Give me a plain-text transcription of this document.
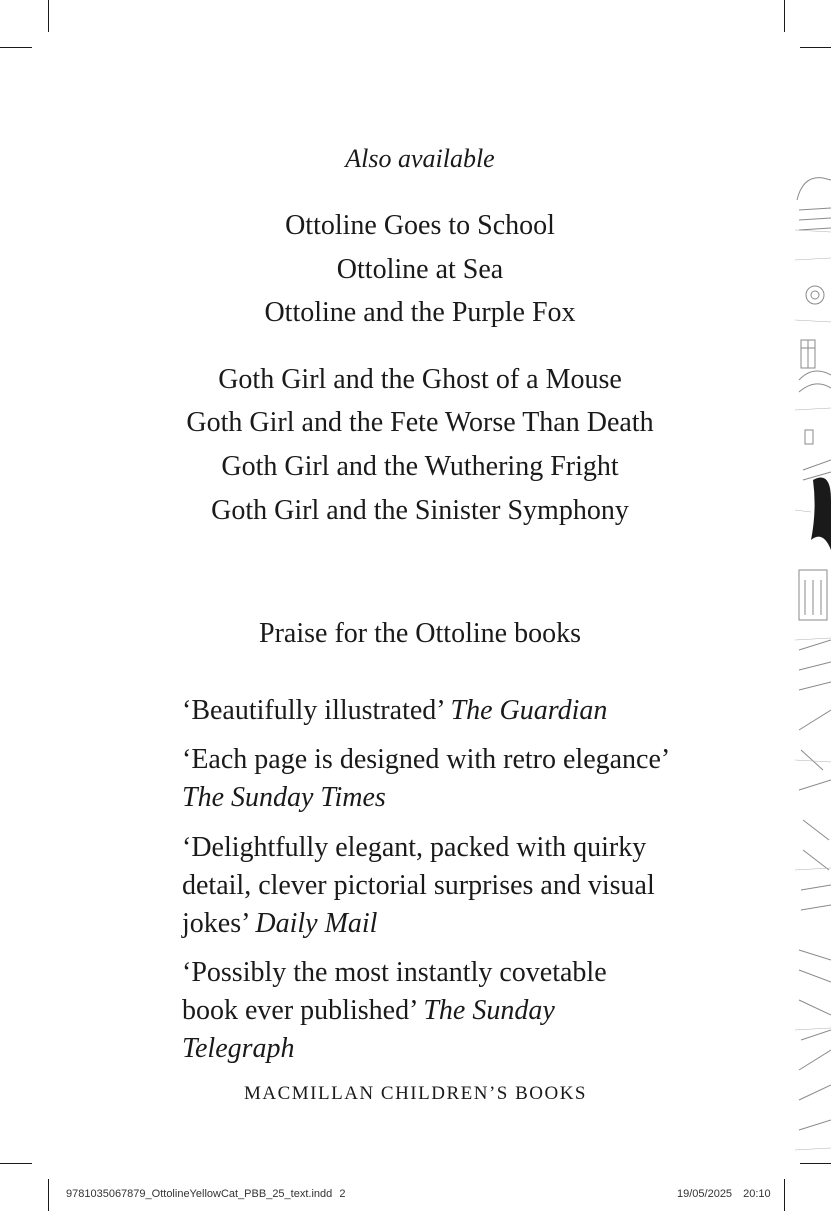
Also available
Ottoline Goes to School
Ottoline at Sea
Ottoline and the Purple Fox
Goth Girl and the Ghost of a Mouse
Goth Girl and the Fete Worse Than Death
Goth Girl and the Wuthering Fright
Goth Girl and the Sinister Symphony
Praise for the Ottoline books
‘Beautifully illustrated’ The Guardian
‘Each page is designed with retro elegance’
The Sunday Times
‘Delightfully elegant, packed with quirky detail, clever pictorial surprises and visual jokes’ Daily Mail
‘Possibly the most instantly covetable book ever published’ The Sunday Telegraph
MACMILLAN CHILDREN’S BOOKS
9781035067879_OttolineYellowCat_PBB_25_text.indd 2	19/05/2025 20:10
